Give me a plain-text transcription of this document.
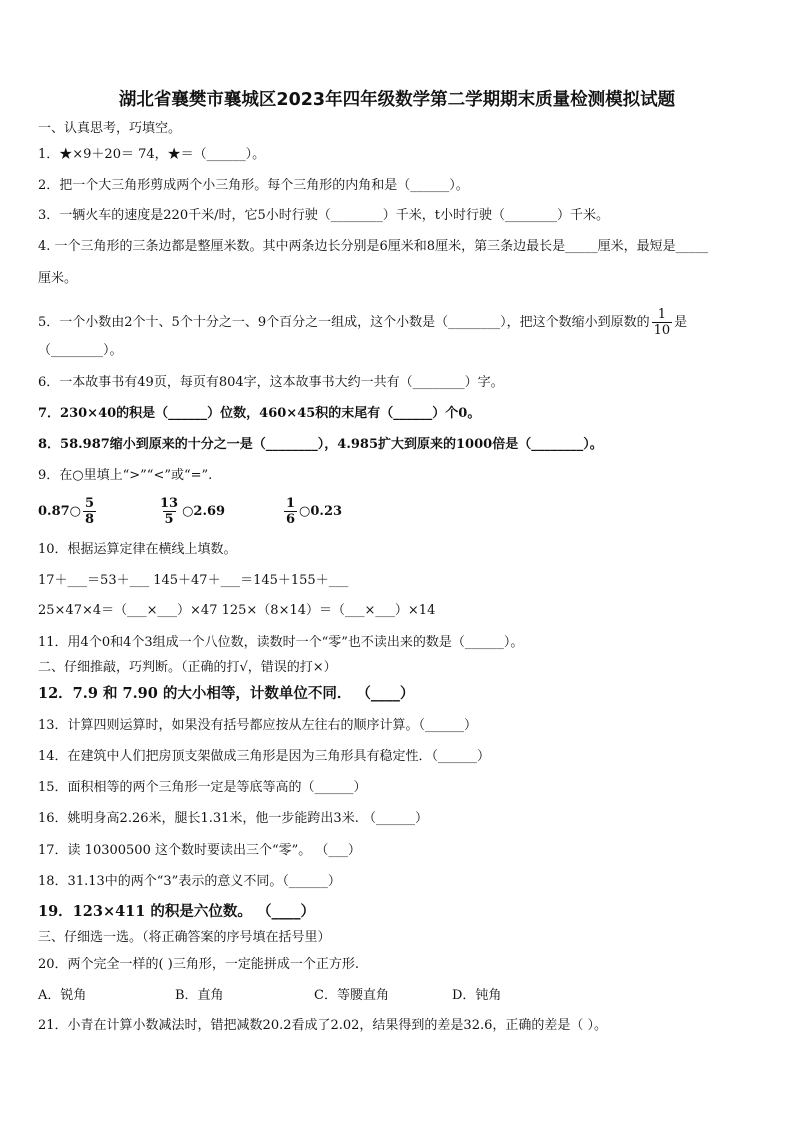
湖北省襄樊市襄城区2023年四年级数学第二学期期末质量检测模拟试题
一、认真思考，巧填空。
1．★×9＋20＝ 74，★＝（______）。
2．把一个大三角形剪成两个小三角形。每个三角形的内角和是（______）。
3．一辆火车的速度是220千米/时，它5小时行驶（________）千米，t小时行驶（________）千米。
4. 一个三角形的三条边都是整厘米数。其中两条边长分别是6厘米和8厘米，第三条边最长是_____厘米，最短是_____
厘米。
5．一个小数由2个十、5个十分之一、9个百分之一组成，这个小数是（________），把这个数缩小到原数的 $\frac{1}{10}$ 是
（________）。
6．一本故事书有49页，每页有804字，这本故事书大约一共有（________）字。
7．230×40的积是（______）位数，460×45积的末尾有（______）个0。
8．58.987缩小到原来的十分之一是（________），4.985扩大到原来的1000倍是（________）。
9．在○里填上“>”“<”或“=”.
0.87○ $\frac{5}{8}$	$\frac{13}{5}$ ○2.69	$\frac{1}{6}$ ○0.23
10．根据运算定律在横线上填数。
17＋___＝53＋___ 145＋47＋___＝145＋155＋___
25×47×4＝（___×___）×47 125×（8×14）＝（___×___）×14
11．用4个0和4个3组成一个八位数，读数时一个“零”也不读出来的数是（______）。
二、仔细推敲，巧判断。（正确的打√，错误的打×）
12．7.9 和 7.90 的大小相等，计数单位不同． （____）
13．计算四则运算时，如果没有括号都应按从左往右的顺序计算。（______）
14．在建筑中人们把房顶支架做成三角形是因为三角形具有稳定性．（______）
15．面积相等的两个三角形一定是等底等高的（______）
16．姚明身高2.26米，腿长1.31米，他一步能跨出3米. （______）
17．读 10300500 这个数时要读出三个“零”。 （___）
18．31.13中的两个“3”表示的意义不同。（______）
19．123×411 的积是六位数。 （____）
三、仔细选一选。（将正确答案的序号填在括号里）
20．两个完全一样的( )三角形，一定能拼成一个正方形.
A．锐角	B．直角	C．等腰直角	D．钝角
21．小青在计算小数减法时，错把减数20.2看成了2.02，结果得到的差是32.6，正确的差是（ ）。
